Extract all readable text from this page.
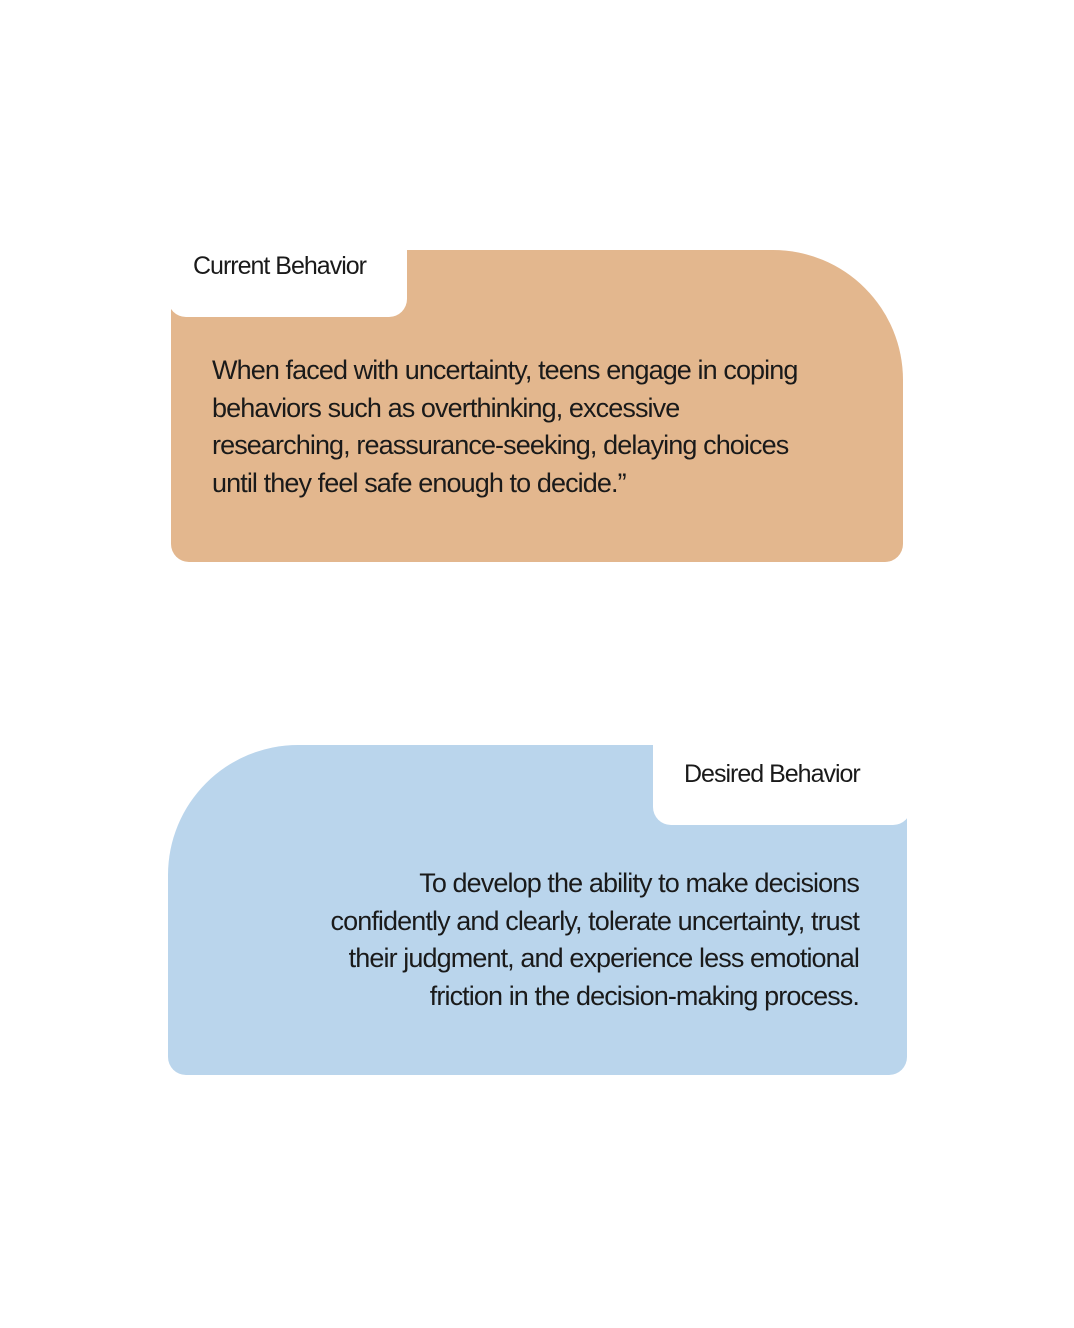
Current Behavior
When faced with uncertainty, teens engage in coping
behaviors such as overthinking, excessive
researching, reassurance-seeking, delaying choices
until they feel safe enough to decide.”
Desired Behavior
To develop the ability to make decisions
confidently and clearly, tolerate uncertainty, trust
their judgment, and experience less emotional
friction in the decision-making process.
